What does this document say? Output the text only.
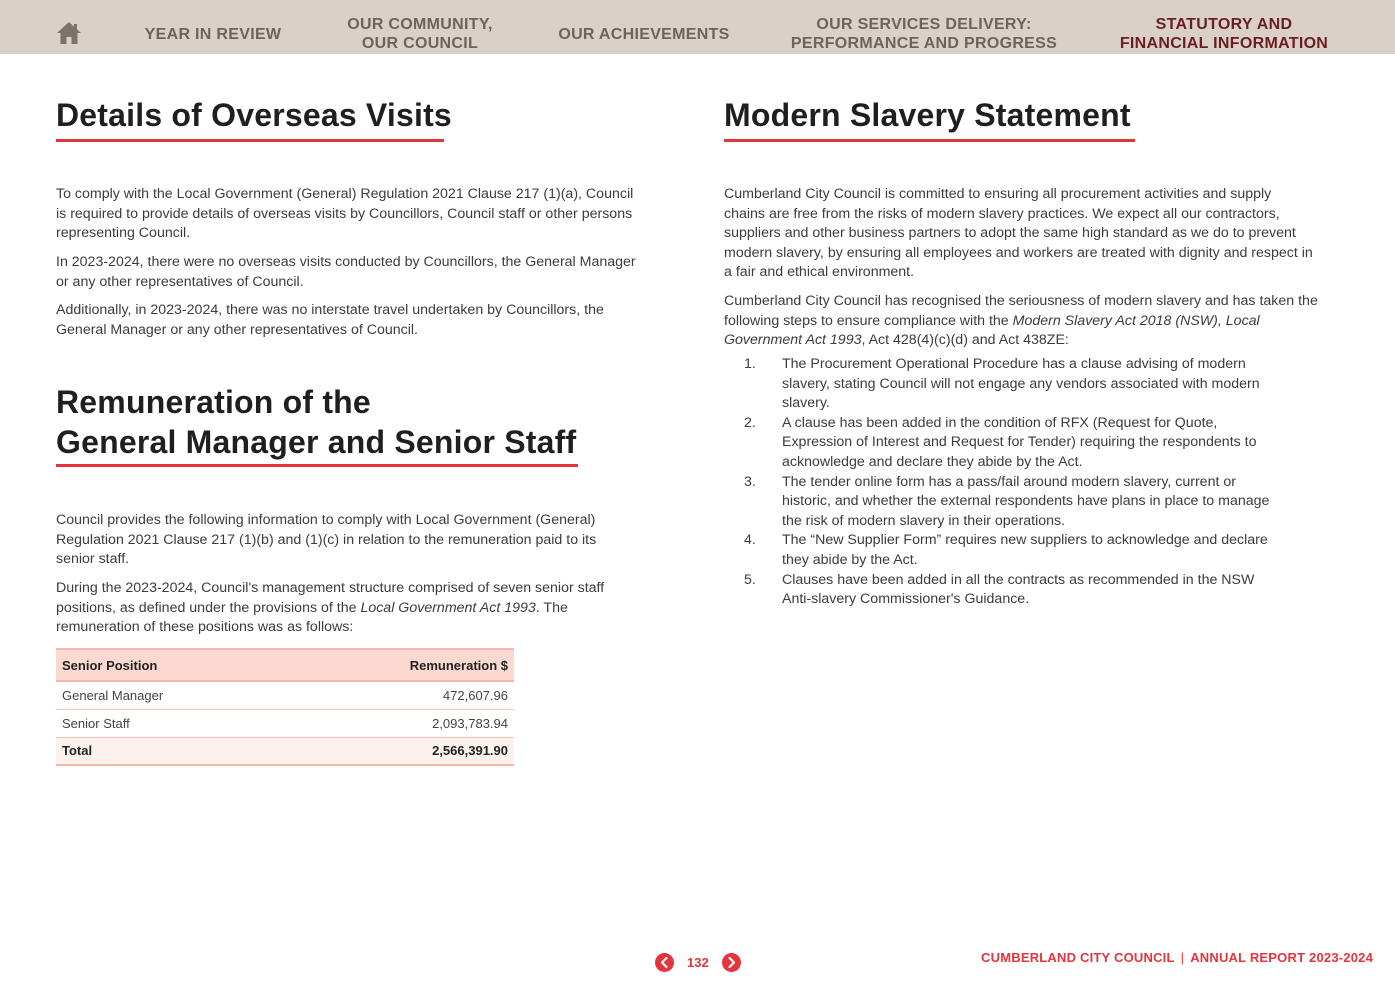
YEAR IN REVIEW
OUR COMMUNITY,
OUR COUNCIL
OUR ACHIEVEMENTS
OUR SERVICES DELIVERY:
PERFORMANCE AND PROGRESS
STATUTORY AND
FINANCIAL INFORMATION
Details of Overseas Visits

To comply with the Local Government (General) Regulation 2021 Clause 217 (1)(a), Council is required to provide details of overseas visits by Councillors, Council staff or other persons representing Council.

In 2023-2024, there were no overseas visits conducted by Councillors, the General Manager or any other representatives of Council.

Additionally, in 2023-2024, there was no interstate travel undertaken by Councillors, the General Manager or any other representatives of Council.

Remuneration of the
General Manager and Senior Staff

Council provides the following information to comply with Local Government (General) Regulation 2021 Clause 217 (1)(b) and (1)(c) in relation to the remuneration paid to its senior staff.

During the 2023-2024, Council's management structure comprised of seven senior staff positions, as defined under the provisions of the Local Government Act 1993. The remuneration of these positions was as follows:

Senior Position	Remuneration $
General Manager	472,607.96
Senior Staff	2,093,783.94
Total	2,566,391.90
Modern Slavery Statement

Cumberland City Council is committed to ensuring all procurement activities and supply chains are free from the risks of modern slavery practices. We expect all our contractors, suppliers and other business partners to adopt the same high standard as we do to prevent modern slavery, by ensuring all employees and workers are treated with dignity and respect in a fair and ethical environment.

Cumberland City Council has recognised the seriousness of modern slavery and has taken the following steps to ensure compliance with the Modern Slavery Act 2018 (NSW), Local Government Act 1993, Act 428(4)(c)(d) and Act 438ZE:

1. The Procurement Operational Procedure has a clause advising of modern slavery, stating Council will not engage any vendors associated with modern slavery.
2. A clause has been added in the condition of RFX (Request for Quote, Expression of Interest and Request for Tender) requiring the respondents to acknowledge and declare they abide by the Act.
3. The tender online form has a pass/fail around modern slavery, current or historic, and whether the external respondents have plans in place to manage the risk of modern slavery in their operations.
4. The “New Supplier Form” requires new suppliers to acknowledge and declare they abide by the Act.
5. Clauses have been added in all the contracts as recommended in the NSW Anti-slavery Commissioner's Guidance.
132	CUMBERLAND CITY COUNCIL | ANNUAL REPORT 2023-2024
